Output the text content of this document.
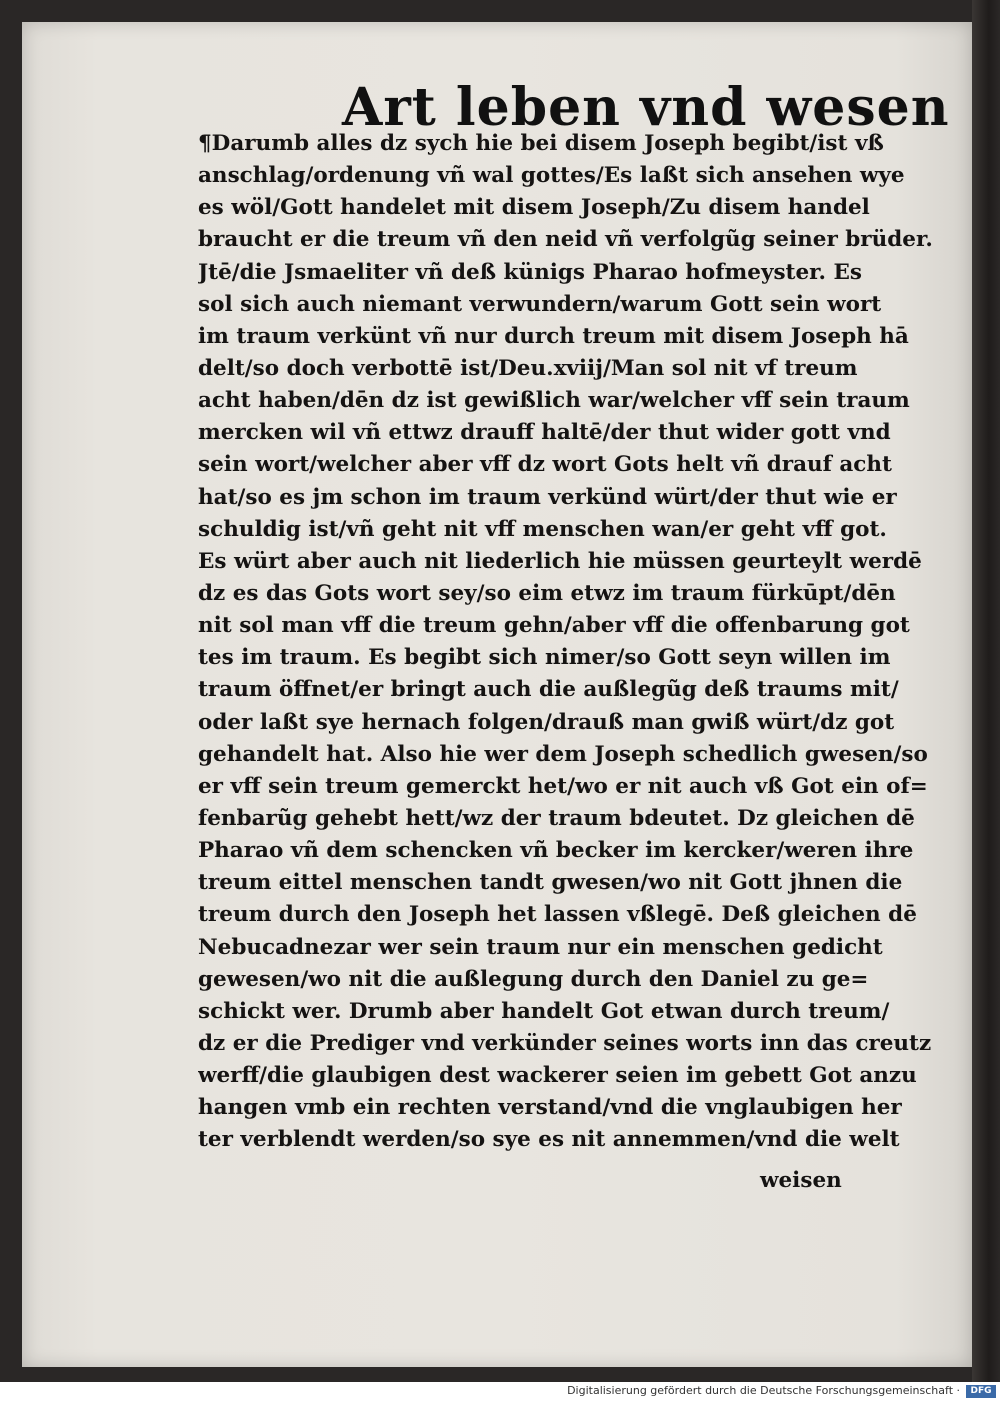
Art leben vnd wesen
¶Darumb alles dz sych hie bei disem Joseph begibt/ist vß
anschlag/ordenung vñ wal gottes/Es laßt sich ansehen wye
es wöl/Gott handelet mit disem Joseph/Zu disem handel
braucht er die treum vñ den neid vñ verfolgũg seiner brüder.
Jtē/die Jsmaeliter vñ deß künigs Pharao hofmeyster. Es
sol sich auch niemant verwundern/warum Gott sein wort
im traum verkünt vñ nur durch treum mit disem Joseph hā
delt/so doch verbottē ist/Deu.xviij/Man sol nit vf treum
acht haben/dēn dz ist gewißlich war/welcher vff sein traum
mercken wil vñ ettwz drauff haltē/der thut wider gott vnd
sein wort/welcher aber vff dz wort Gots helt vñ drauf acht
hat/so es jm schon im traum verkünd würt/der thut wie er
schuldig ist/vñ geht nit vff menschen wan/er geht vff got.
Es würt aber auch nit liederlich hie müssen geurteylt werdē
dz es das Gots wort sey/so eim etwz im traum fürkūpt/dēn
nit sol man vff die treum gehn/aber vff die offenbarung got
tes im traum. Es begibt sich nimer/so Gott seyn willen im
traum öffnet/er bringt auch die außlegũg deß traums mit/
oder laßt sye hernach folgen/drauß man gwiß würt/dz got
gehandelt hat. Also hie wer dem Joseph schedlich gwesen/so
er vff sein treum gemerckt het/wo er nit auch vß Got ein of=
fenbarũg gehebt hett/wz der traum bdeutet. Dz gleichen dē
Pharao vñ dem schencken vñ becker im kercker/weren ihre
treum eittel menschen tandt gwesen/wo nit Gott jhnen die
treum durch den Joseph het lassen vßlegē. Deß gleichen dē
Nebucadnezar wer sein traum nur ein menschen gedicht
gewesen/wo nit die außlegung durch den Daniel zu ge=
schickt wer. Drumb aber handelt Got etwan durch treum/
dz er die Prediger vnd verkünder seines worts inn das creutz
werff/die glaubigen dest wackerer seien im gebett Got anzu
hangen vmb ein rechten verstand/vnd die vnglaubigen her
ter verblendt werden/so sye es nit annemmen/vnd die welt
weisen
Digitalisierung gefördert durch die Deutsche Forschungsgemeinschaft ·	DFG
